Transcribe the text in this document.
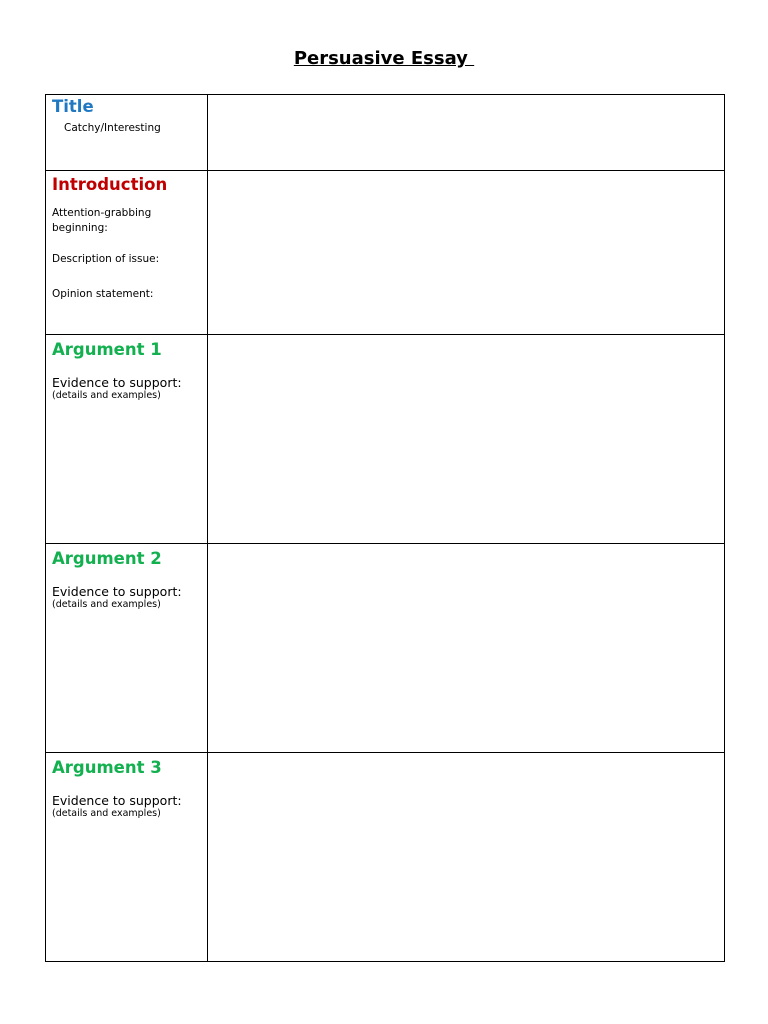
Persuasive Essay
Title
Catchy/Interesting	

Introduction
Attention-grabbing beginning:
Description of issue:
Opinion statement:	

Argument 1
Evidence to support:
(details and examples)	

Argument 2
Evidence to support:
(details and examples)	

Argument 3
Evidence to support:
(details and examples)	
